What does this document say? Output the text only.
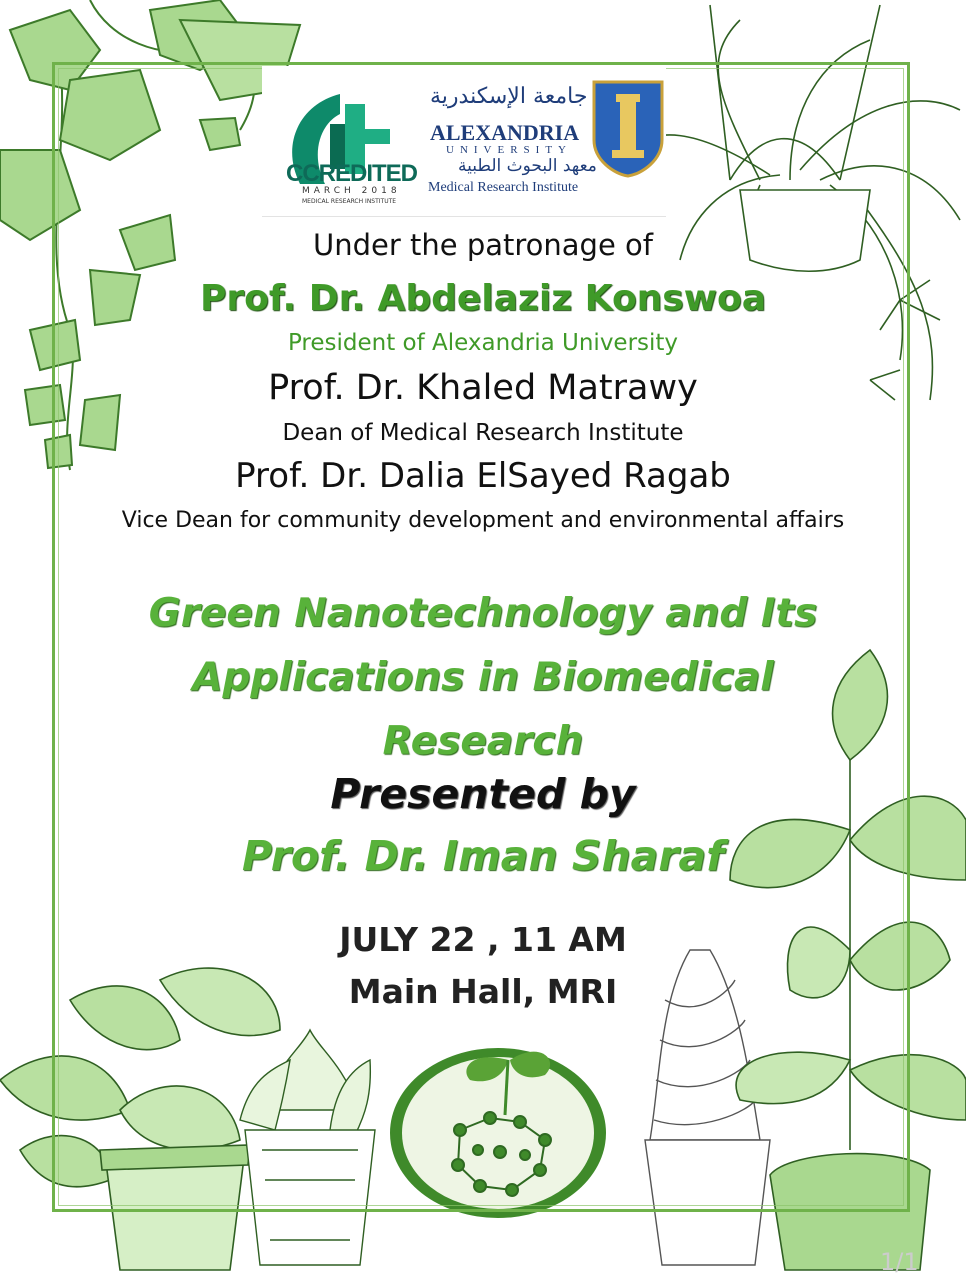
CCREDITED
MARCH 2018
MEDICAL RESEARCH INSTITUTE
جامعة الإسكندرية
ALEXANDRIA
UNIVERSITY
معهد البحوث الطبية
Medical Research Institute
Under the patronage of
Prof. Dr. Abdelaziz Konswoa
President of Alexandria University
Prof. Dr. Khaled Matrawy
Dean of Medical Research Institute
Prof. Dr. Dalia ElSayed Ragab
Vice Dean for community development and environmental affairs
Green Nanotechnology and Its Applications in Biomedical Research
Presented by
Prof. Dr. Iman Sharaf
JULY 22 , 11 AM
Main Hall, MRI
1/1
